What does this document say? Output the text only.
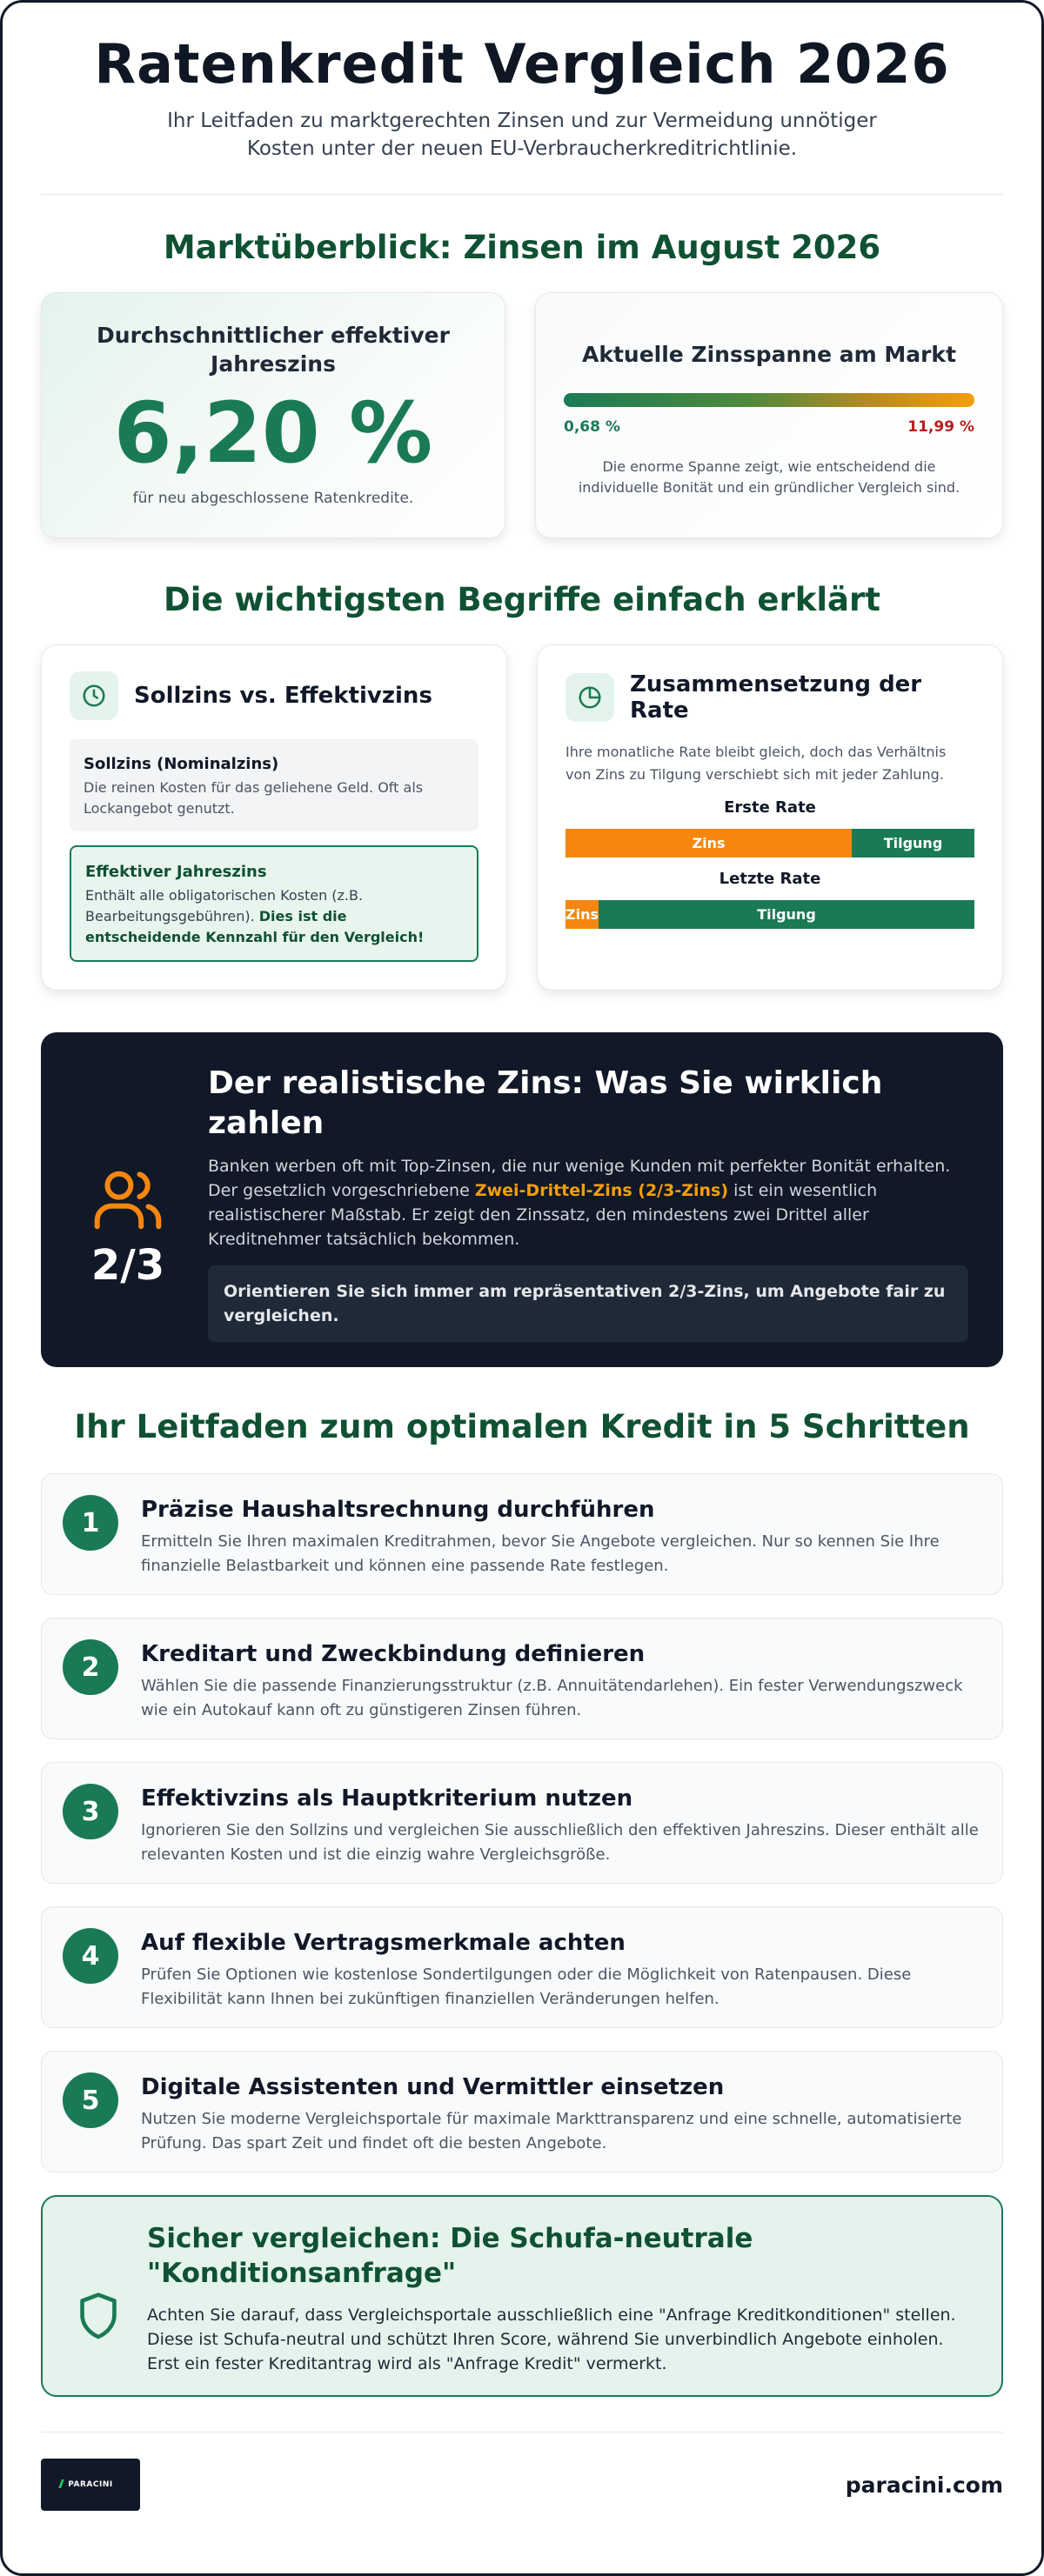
Ratenkredit Vergleich 2026

Ihr Leitfaden zu marktgerechten Zinsen und zur Vermeidung unnötiger
Kosten unter der neuen EU-Verbraucherkreditrichtlinie.

Marktüberblick: Zinsen im August 2026
Durchschnittlicher effektiver Jahreszins
6,20 %
für neu abgeschlossene Ratenkredite.
Aktuelle Zinsspanne am Markt
0,68 %	11,99 %
Die enorme Spanne zeigt, wie entscheidend die
individuelle Bonität und ein gründlicher Vergleich sind.
Die wichtigsten Begriffe einfach erklärt
Sollzins vs. Effektivzins
Sollzins (Nominalzins)
Die reinen Kosten für das geliehene Geld. Oft als Lockangebot genutzt.
Effektiver Jahreszins
Enthält alle obligatorischen Kosten (z.B. Bearbeitungsgebühren). Dies ist die entscheidende Kennzahl für den Vergleich!
Zusammensetzung der Rate
Ihre monatliche Rate bleibt gleich, doch das Verhältnis von Zins zu Tilgung verschiebt sich mit jeder Zahlung.
Erste Rate
Zins	Tilgung
Letzte Rate
Zins	Tilgung
2/3
Der realistische Zins: Was Sie wirklich zahlen

Banken werben oft mit Top-Zinsen, die nur wenige Kunden mit perfekter Bonität erhalten. Der gesetzlich vorgeschriebene Zwei-Drittel-Zins (2/3-Zins) ist ein wesentlich realistischerer Maßstab. Er zeigt den Zinssatz, den mindestens zwei Drittel aller Kreditnehmer tatsächlich bekommen.

Orientieren Sie sich immer am repräsentativen 2/3-Zins, um Angebote fair zu vergleichen.
Ihr Leitfaden zum optimalen Kredit in 5 Schritten
1	Präzise Haushaltsrechnung durchführen
Ermitteln Sie Ihren maximalen Kreditrahmen, bevor Sie Angebote vergleichen. Nur so kennen Sie Ihre finanzielle Belastbarkeit und können eine passende Rate festlegen.
2	Kreditart und Zweckbindung definieren
Wählen Sie die passende Finanzierungsstruktur (z.B. Annuitätendarlehen). Ein fester Verwendungszweck wie ein Autokauf kann oft zu günstigeren Zinsen führen.
3	Effektivzins als Hauptkriterium nutzen
Ignorieren Sie den Sollzins und vergleichen Sie ausschließlich den effektiven Jahreszins. Dieser enthält alle relevanten Kosten und ist die einzig wahre Vergleichsgröße.
4	Auf flexible Vertragsmerkmale achten
Prüfen Sie Optionen wie kostenlose Sondertilgungen oder die Möglichkeit von Ratenpausen. Diese Flexibilität kann Ihnen bei zukünftigen finanziellen Veränderungen helfen.
5	Digitale Assistenten und Vermittler einsetzen
Nutzen Sie moderne Vergleichsportale für maximale Markttransparenz und eine schnelle, automatisierte Prüfung. Das spart Zeit und findet oft die besten Angebote.
Sicher vergleichen: Die Schufa-neutrale "Konditionsanfrage"

Achten Sie darauf, dass Vergleichsportale ausschließlich eine "Anfrage Kreditkonditionen" stellen. Diese ist Schufa-neutral und schützt Ihren Score, während Sie unverbindlich Angebote einholen. Erst ein fester Kreditantrag wird als "Anfrage Kredit" vermerkt.

PARACINI	paracini.com
